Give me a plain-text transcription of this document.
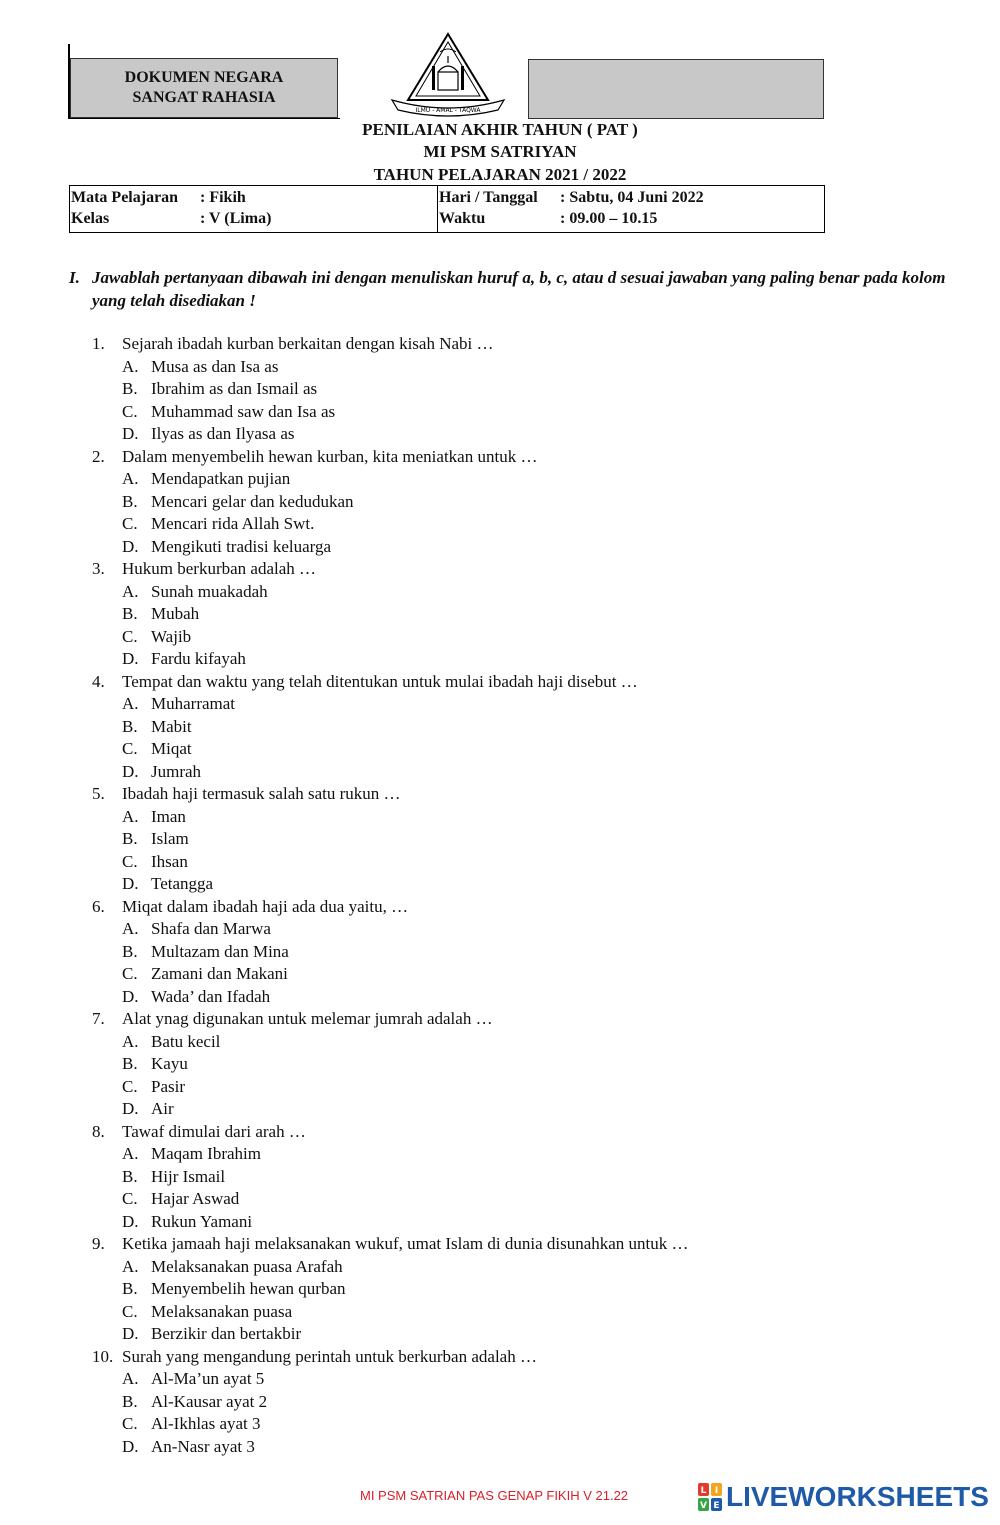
DOKUMEN NEGARA
SANGAT RAHASIA
ILMU - AMAL - TAQWA
PENILAIAN AKHIR TAHUN ( PAT )
MI PSM SATRIYAN
TAHUN PELAJARAN 2021 / 2022
Mata Pelajaran : Fikih
Kelas	: V (Lima)
Hari / Tanggal : Sabtu, 04 Juni 2022
Waktu	: 09.00 – 10.15
I. Jawablah pertanyaan dibawah ini dengan menuliskan huruf a, b, c, atau d sesuai jawaban yang paling benar pada kolom yang telah disediakan !
1. Sejarah ibadah kurban berkaitan dengan kisah Nabi …
A. Musa as dan Isa as
B. Ibrahim as dan Ismail as
C. Muhammad saw dan Isa as
D. Ilyas as dan Ilyasa as
2. Dalam menyembelih hewan kurban, kita meniatkan untuk …
A. Mendapatkan pujian
B. Mencari gelar dan kedudukan
C. Mencari rida Allah Swt.
D. Mengikuti tradisi keluarga
3. Hukum berkurban adalah …
A. Sunah muakadah
B. Mubah
C. Wajib
D. Fardu kifayah
4. Tempat dan waktu yang telah ditentukan untuk mulai ibadah haji disebut …
A. Muharramat
B. Mabit
C. Miqat
D. Jumrah
5. Ibadah haji termasuk salah satu rukun …
A. Iman
B. Islam
C. Ihsan
D. Tetangga
6. Miqat dalam ibadah haji ada dua yaitu, …
A. Shafa dan Marwa
B. Multazam dan Mina
C. Zamani dan Makani
D. Wada’ dan Ifadah
7. Alat ynag digunakan untuk melemar jumrah adalah …
A. Batu kecil
B. Kayu
C. Pasir
D. Air
8. Tawaf dimulai dari arah …
A. Maqam Ibrahim
B. Hijr Ismail
C. Hajar Aswad
D. Rukun Yamani
9. Ketika jamaah haji melaksanakan wukuf, umat Islam di dunia disunahkan untuk …
A. Melaksanakan puasa Arafah
B. Menyembelih hewan qurban
C. Melaksanakan puasa
D. Berzikir dan bertakbir
10. Surah yang mengandung perintah untuk berkurban adalah …
A. Al-Ma’un ayat 5
B. Al-Kausar ayat 2
C. Al-Ikhlas ayat 3
D. An-Nasr ayat 3
MI PSM SATRIAN PAS GENAP FIKIH V 21.22	L I
V E LIVEWORKSHEETS
